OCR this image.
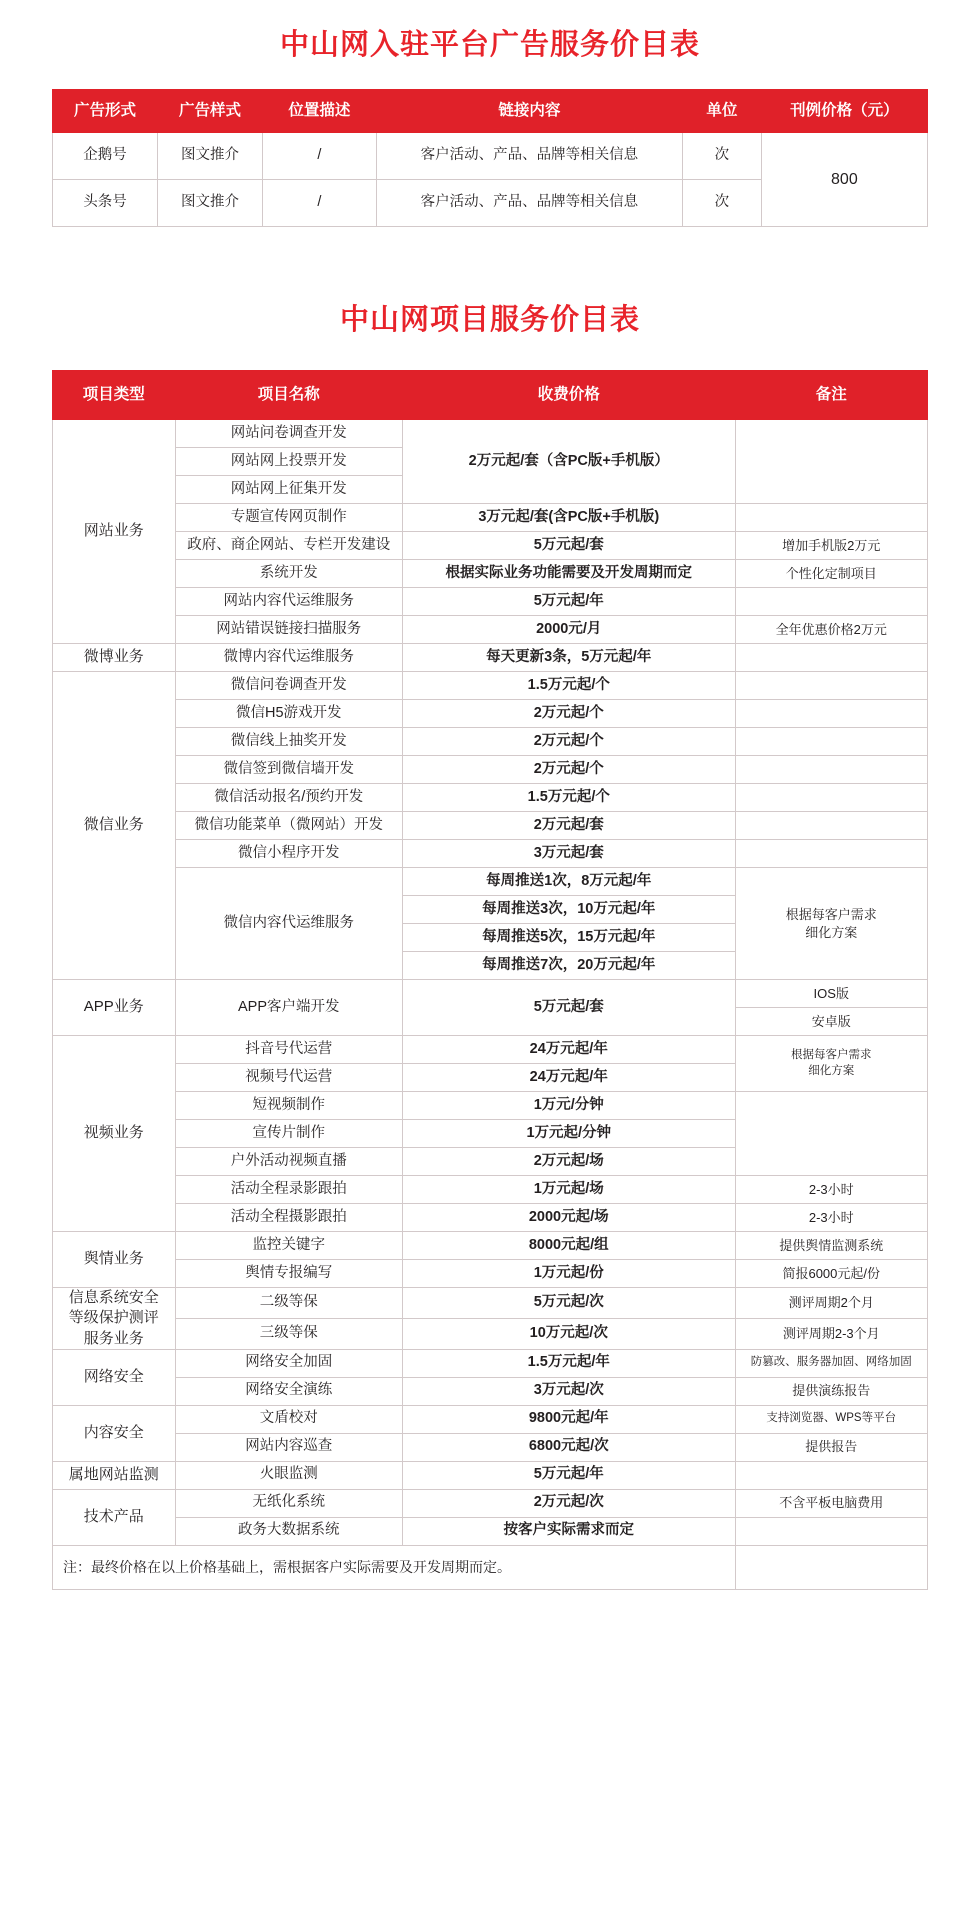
中山网入驻平台广告服务价目表
广告形式	广告样式	位置描述	链接内容	单位	刊例价格（元）
企鹅号	图文推介	/	客户活动、产品、品牌等相关信息	次	800
头条号	图文推介	/	客户活动、产品、品牌等相关信息	次	
中山网项目服务价目表
项目类型	项目名称	收费价格	备注
网站业务	网站问卷调查开发	2万元起/套（含PC版+手机版）	
	网站网上投票开发		
	网站网上征集开发		
	专题宣传网页制作	3万元起/套(含PC版+手机版)	
	政府、商企网站、专栏开发建设	5万元起/套	增加手机版2万元
	系统开发	根据实际业务功能需要及开发周期而定	个性化定制项目
	网站内容代运维服务	5万元起/年	
	网站错误链接扫描服务	2000元/月	全年优惠价格2万元
微博业务	微博内容代运维服务	每天更新3条，5万元起/年	
微信业务	微信问卷调查开发	1.5万元起/个	
	微信H5游戏开发	2万元起/个	
	微信线上抽奖开发	2万元起/个	
	微信签到微信墙开发	2万元起/个	
	微信活动报名/预约开发	1.5万元起/个	
	微信功能菜单（微网站）开发	2万元起/套	
	微信小程序开发	3万元起/套	
	微信内容代运维服务	每周推送1次，8万元起/年	根据每客户需求
细化方案
		每周推送3次，10万元起/年	
		每周推送5次，15万元起/年	
		每周推送7次，20万元起/年	
APP业务	APP客户端开发	5万元起/套	IOS版
			安卓版
视频业务	抖音号代运营	24万元起/年	根据每客户需求
细化方案
	视频号代运营	24万元起/年	
	短视频制作	1万元/分钟	
	宣传片制作	1万元起/分钟	
	户外活动视频直播	2万元起/场	
	活动全程录影跟拍	1万元起/场	2-3小时
	活动全程摄影跟拍	2000元起/场	2-3小时
舆情业务	监控关键字	8000元起/组	提供舆情监测系统
	舆情专报编写	1万元起/份	简报6000元起/份
信息系统安全
等级保护测评
服务业务	二级等保	5万元起/次	测评周期2个月
	三级等保	10万元起/次	测评周期2-3个月
网络安全	网络安全加固	1.5万元起/年	防篡改、服务器加固、网络加固
	网络安全演练	3万元起/次	提供演练报告
内容安全	文盾校对	9800元起/年	支持浏览器、WPS等平台
	网站内容巡查	6800元起/次	提供报告
属地网站监测	火眼监测	5万元起/年	
技术产品	无纸化系统	2万元起/次	不含平板电脑费用
	政务大数据系统	按客户实际需求而定	
注：最终价格在以上价格基础上，需根据客户实际需要及开发周期而定。			
